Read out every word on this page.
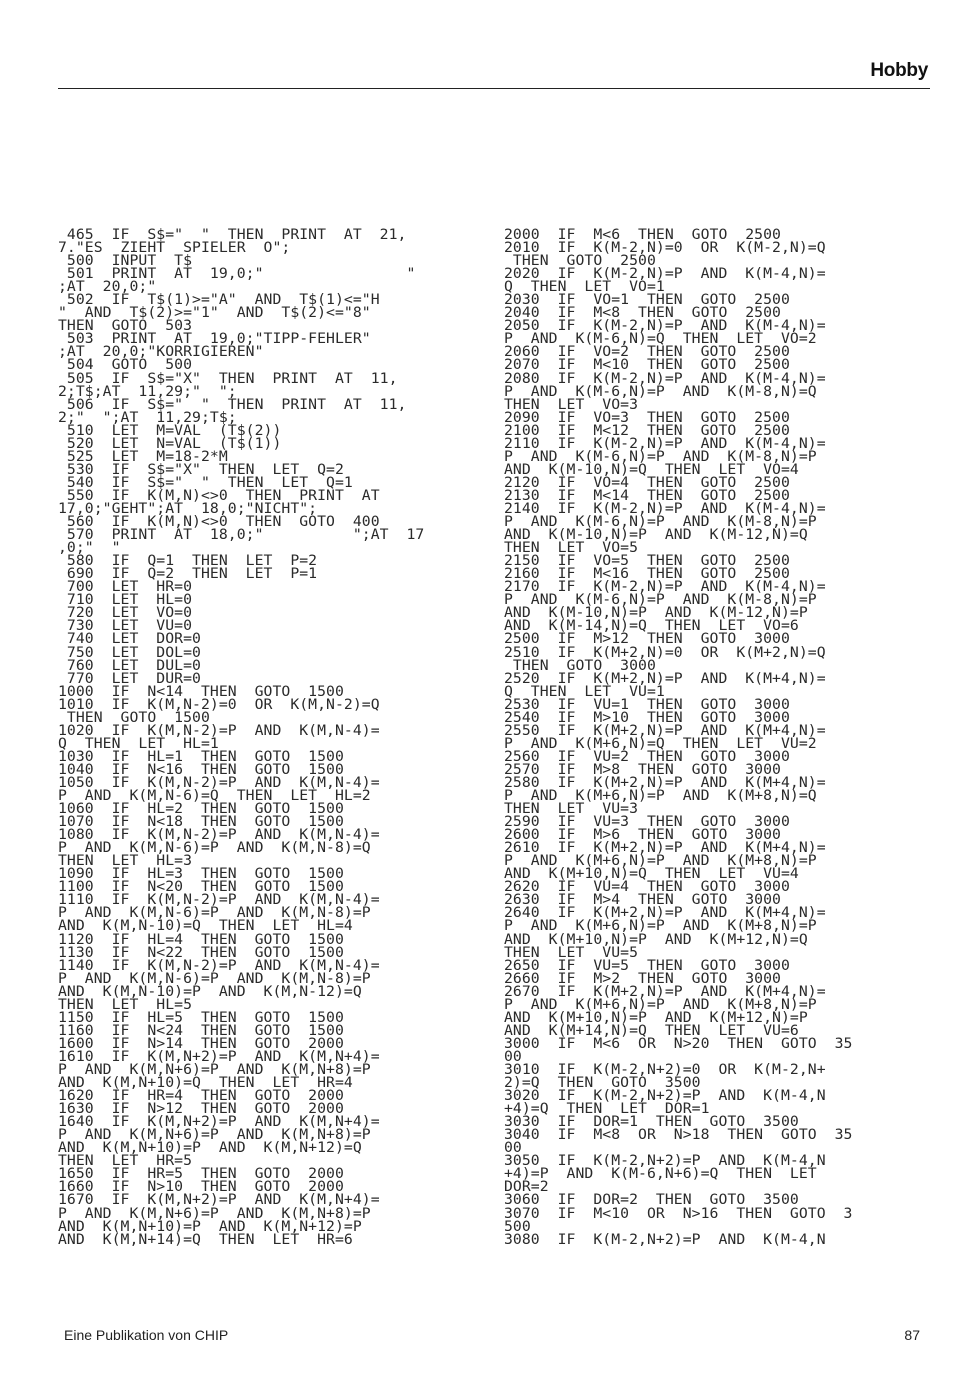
Hobby
465  IF  S$="  "  THEN  PRINT  AT  21,
7."ES  ZIEHT  SPIELER  O";
500  INPUT  T$
501  PRINT  AT  19,0;"                "
;AT  20,0;"
502  IF  T$(1)>="A"  AND  T$(1)<="H
"  AND  T$(2)>="1"  AND  T$(2)<="8"
THEN  GOTO  503
503  PRINT  AT  19,0;"TIPP-FEHLER"
;AT  20,0;"KORRIGIEREN"
504  GOTO  500
505  IF  S$="X"  THEN  PRINT  AT  11,
2;T$;AT  11,29;"  ";
506  IF  S$="  "  THEN  PRINT  AT  11,
2;"  ";AT  11,29;T$;
510  LET  M=VAL  (T$(2))
520  LET  N=VAL  (T$(1))
525  LET  M=18-2*M
530  IF  S$="X"  THEN  LET  Q=2
540  IF  S$="  "  THEN  LET  Q=1
550  IF  K(M,N)<>0  THEN  PRINT  AT
17,0;"GEHT";AT  18,0;"NICHT";
560  IF  K(M,N)<>0  THEN  GOTO  400
570  PRINT  AT  18,0;"          ";AT  17
,0;"  "
580  IF  Q=1  THEN  LET  P=2
690  IF  Q=2  THEN  LET  P=1
700  LET  HR=0
710  LET  HL=0
720  LET  VO=0
730  LET  VU=0
740  LET  DOR=0
750  LET  DOL=0
760  LET  DUL=0
770  LET  DUR=0
1000  IF  N<14  THEN  GOTO  1500
1010  IF  K(M,N-2)=0  OR  K(M,N-2)=Q
THEN  GOTO  1500
1020  IF  K(M,N-2)=P  AND  K(M,N-4)=
Q  THEN  LET  HL=1
1030  IF  HL=1  THEN  GOTO  1500
1040  IF  N<16  THEN  GOTO  1500
1050  IF  K(M,N-2)=P  AND  K(M,N-4)=
P  AND  K(M,N-6)=Q  THEN  LET  HL=2
1060  IF  HL=2  THEN  GOTO  1500
1070  IF  N<18  THEN  GOTO  1500
1080  IF  K(M,N-2)=P  AND  K(M,N-4)=
P  AND  K(M,N-6)=P  AND  K(M,N-8)=Q
THEN  LET  HL=3
1090  IF  HL=3  THEN  GOTO  1500
1100  IF  N<20  THEN  GOTO  1500
1110  IF  K(M,N-2)=P  AND  K(M,N-4)=
P  AND  K(M,N-6)=P  AND  K(M,N-8)=P
AND  K(M,N-10)=Q  THEN  LET  HL=4
1120  IF  HL=4  THEN  GOTO  1500
1130  IF  N<22  THEN  GOTO  1500
1140  IF  K(M,N-2)=P  AND  K(M,N-4)=
P  AND  K(M,N-6)=P  AND  K(M,N-8)=P
AND  K(M,N-10)=P  AND  K(M,N-12)=Q
THEN  LET  HL=5
1150  IF  HL=5  THEN  GOTO  1500
1160  IF  N<24  THEN  GOTO  1500
1600  IF  N>14  THEN  GOTO  2000
1610  IF  K(M,N+2)=P  AND  K(M,N+4)=
P  AND  K(M,N+6)=P  AND  K(M,N+8)=P
AND  K(M,N+10)=Q  THEN  LET  HR=4
1620  IF  HR=4  THEN  GOTO  2000
1630  IF  N>12  THEN  GOTO  2000
1640  IF  K(M,N+2)=P  AND  K(M,N+4)=
P  AND  K(M,N+6)=P  AND  K(M,N+8)=P
AND  K(M,N+10)=P  AND  K(M,N+12)=Q
THEN  LET  HR=5
1650  IF  HR=5  THEN  GOTO  2000
1660  IF  N>10  THEN  GOTO  2000
1670  IF  K(M,N+2)=P  AND  K(M,N+4)=
P  AND  K(M,N+6)=P  AND  K(M,N+8)=P
AND  K(M,N+10)=P  AND  K(M,N+12)=P
AND  K(M,N+14)=Q  THEN  LET  HR=6
2000  IF  M<6  THEN  GOTO  2500
2010  IF  K(M-2,N)=0  OR  K(M-2,N)=Q
THEN  GOTO  2500
2020  IF  K(M-2,N)=P  AND  K(M-4,N)=
Q  THEN  LET  VO=1
2030  IF  VO=1  THEN  GOTO  2500
2040  IF  M<8  THEN  GOTO  2500
2050  IF  K(M-2,N)=P  AND  K(M-4,N)=
P  AND  K(M-6,N)=Q  THEN  LET  VO=2
2060  IF  VO=2  THEN  GOTO  2500
2070  IF  M<10  THEN  GOTO  2500
2080  IF  K(M-2,N)=P  AND  K(M-4,N)=
P  AND  K(M-6,N)=P  AND  K(M-8,N)=Q
THEN  LET  VO=3
2090  IF  VO=3  THEN  GOTO  2500
2100  IF  M<12  THEN  GOTO  2500
2110  IF  K(M-2,N)=P  AND  K(M-4,N)=
P  AND  K(M-6,N)=P  AND  K(M-8,N)=P
AND  K(M-10,N)=Q  THEN  LET  VO=4
2120  IF  VO=4  THEN  GOTO  2500
2130  IF  M<14  THEN  GOTO  2500
2140  IF  K(M-2,N)=P  AND  K(M-4,N)=
P  AND  K(M-6,N)=P  AND  K(M-8,N)=P
AND  K(M-10,N)=P  AND  K(M-12,N)=Q
THEN  LET  VO=5
2150  IF  VO=5  THEN  GOTO  2500
2160  IF  M<16  THEN  GOTO  2500
2170  IF  K(M-2,N)=P  AND  K(M-4,N)=
P  AND  K(M-6,N)=P  AND  K(M-8,N)=P
AND  K(M-10,N)=P  AND  K(M-12,N)=P
AND  K(M-14,N)=Q  THEN  LET  VO=6
2500  IF  M>12  THEN  GOTO  3000
2510  IF  K(M+2,N)=0  OR  K(M+2,N)=Q
THEN  GOTO  3000
2520  IF  K(M+2,N)=P  AND  K(M+4,N)=
Q  THEN  LET  VU=1
2530  IF  VU=1  THEN  GOTO  3000
2540  IF  M>10  THEN  GOTO  3000
2550  IF  K(M+2,N)=P  AND  K(M+4,N)=
P  AND  K(M+6,N)=Q  THEN  LET  VU=2
2560  IF  VU=2  THEN  GOTO  3000
2570  IF  M>8  THEN  GOTO  3000
2580  IF  K(M+2,N)=P  AND  K(M+4,N)=
P  AND  K(M+6,N)=P  AND  K(M+8,N)=Q
THEN  LET  VU=3
2590  IF  VU=3  THEN  GOTO  3000
2600  IF  M>6  THEN  GOTO  3000
2610  IF  K(M+2,N)=P  AND  K(M+4,N)=
P  AND  K(M+6,N)=P  AND  K(M+8,N)=P
AND  K(M+10,N)=Q  THEN  LET  VU=4
2620  IF  VU=4  THEN  GOTO  3000
2630  IF  M>4  THEN  GOTO  3000
2640  IF  K(M+2,N)=P  AND  K(M+4,N)=
P  AND  K(M+6,N)=P  AND  K(M+8,N)=P
AND  K(M+10,N)=P  AND  K(M+12,N)=Q
THEN  LET  VU=5
2650  IF  VU=5  THEN  GOTO  3000
2660  IF  M>2  THEN  GOTO  3000
2670  IF  K(M+2,N)=P  AND  K(M+4,N)=
P  AND  K(M+6,N)=P  AND  K(M+8,N)=P
AND  K(M+10,N)=P  AND  K(M+12,N)=P
AND  K(M+14,N)=Q  THEN  LET  VU=6
3000  IF  M<6  OR  N>20  THEN  GOTO  35
00
3010  IF  K(M-2,N+2)=0  OR  K(M-2,N+
2)=Q  THEN  GOTO  3500
3020  IF  K(M-2,N+2)=P  AND  K(M-4,N
+4)=Q  THEN  LET  DOR=1
3030  IF  DOR=1  THEN  GOTO  3500
3040  IF  M<8  OR  N>18  THEN  GOTO  35
00
3050  IF  K(M-2,N+2)=P  AND  K(M-4,N
+4)=P  AND  K(M-6,N+6)=Q  THEN  LET
DOR=2
3060  IF  DOR=2  THEN  GOTO  3500
3070  IF  M<10  OR  N>16  THEN  GOTO  3
500
3080  IF  K(M-2,N+2)=P  AND  K(M-4,N
Eine Publikation von CHIP	87
